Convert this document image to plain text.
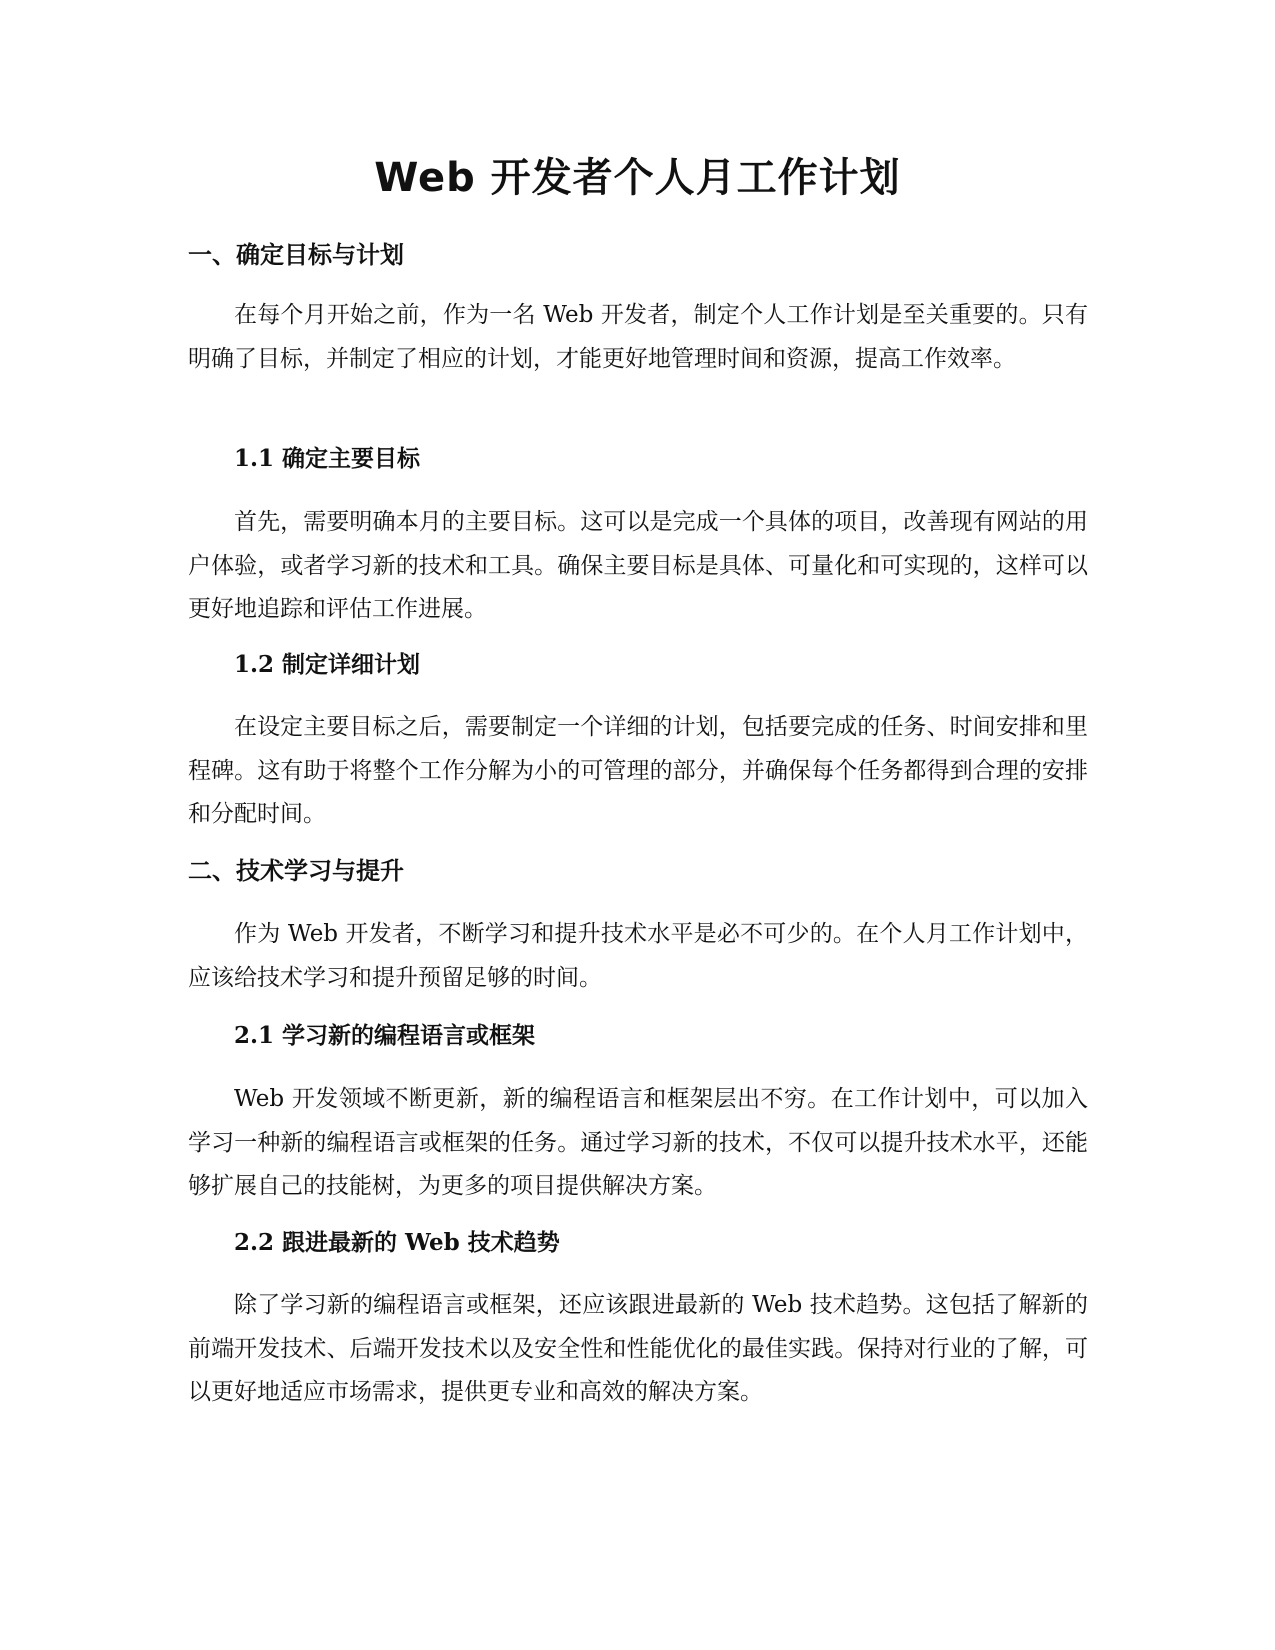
Web 开发者个人月工作计划
一、确定目标与计划

在每个月开始之前，作为一名 Web 开发者，制定个人工作计划是至关重要的。只有明确了目标，并制定了相应的计划，才能更好地管理时间和资源，提高工作效率。

1.1 确定主要目标

首先，需要明确本月的主要目标。这可以是完成一个具体的项目，改善现有网站的用户体验，或者学习新的技术和工具。确保主要目标是具体、可量化和可实现的，这样可以更好地追踪和评估工作进展。

1.2 制定详细计划

在设定主要目标之后，需要制定一个详细的计划，包括要完成的任务、时间安排和里程碑。这有助于将整个工作分解为小的可管理的部分，并确保每个任务都得到合理的安排和分配时间。

二、技术学习与提升

作为 Web 开发者，不断学习和提升技术水平是必不可少的。在个人月工作计划中，应该给技术学习和提升预留足够的时间。

2.1 学习新的编程语言或框架

Web 开发领域不断更新，新的编程语言和框架层出不穷。在工作计划中，可以加入学习一种新的编程语言或框架的任务。通过学习新的技术，不仅可以提升技术水平，还能够扩展自己的技能树，为更多的项目提供解决方案。

2.2 跟进最新的 Web 技术趋势

除了学习新的编程语言或框架，还应该跟进最新的 Web 技术趋势。这包括了解新的前端开发技术、后端开发技术以及安全性和性能优化的最佳实践。保持对行业的了解，可以更好地适应市场需求，提供更专业和高效的解决方案。
